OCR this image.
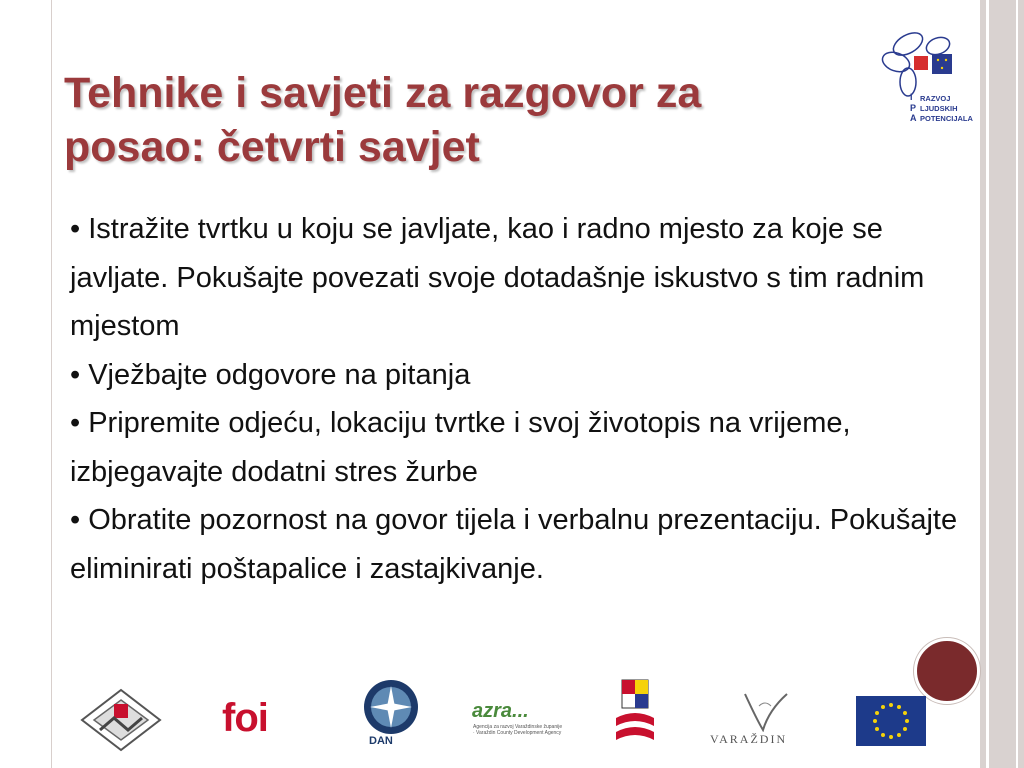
Tehnike i savjeti za razgovor za posao: četvrti savjet
• Istražite tvrtku u koju se javljate, kao i radno mjesto za koje se javljate. Pokušajte povezati svoje dotadašnje iskustvo s tim radnim mjestom
• Vježbajte odgovore na pitanja
• Pripremite odjeću, lokaciju tvrtke i svoj životopis na vrijeme, izbjegavajte dodatni stres žurbe
• Obratite pozornost na govor tijela i verbalnu prezentaciju. Pokušajte eliminirati poštapalice i zastajkivanje.
I
P
A
RAZVOJ
LJUDSKIH
POTENCIJALA
foi
DAN
azra...
Agencija za razvoj Varaždinske županije · Varaždin County Development Agency	VARAŽDIN
